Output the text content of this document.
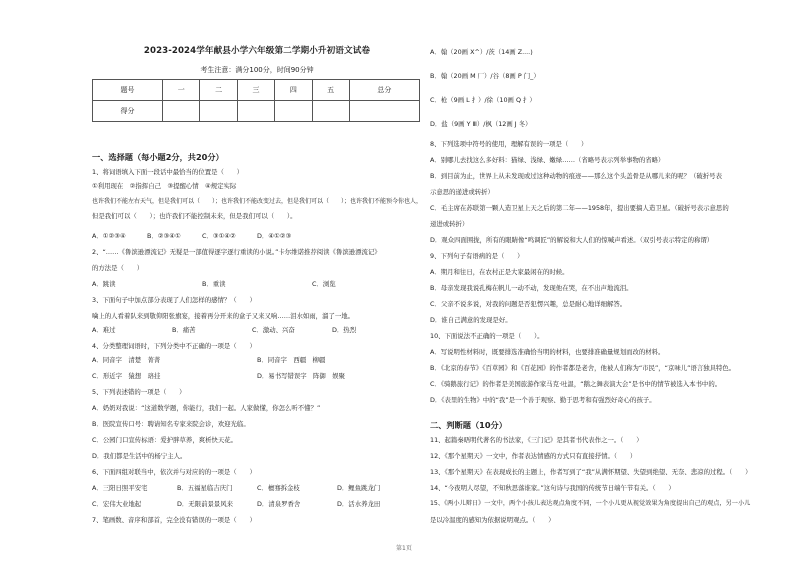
2023-2024学年献县小学六年级第二学期小升初语文试卷
考生注意：满分100分，时间90分钟
题号	一	二	三	四	五	总分
得分						
一、选择题（每小题2分，共20分）
1、将词语填入下面一段话中最恰当的位置是（　　）
①利用现在　②指挥自己　③提醒心情　④规定实际
也许我们不能左右天气，但是我们可以（　　）；也许我们不能改变过去，但是我们可以（　　）；也许我们不能预今你也人，
但是我们可以（　　）；也许我们不能控制未来，但是我们可以（　　）。
2、“……《鲁滨逊漂流记》无疑是一部值得逐字逐行重读的小说。”卡尔维诺推荐阅读《鲁滨逊漂流记》
的方法是（　　）
3、下面句子中加点部分表现了人们怎样的感情？（　　）
噙上的人看着队来到敬仰阳张旗宴，接着再分开来的盒子又来又响……泪水如雨，溜了一地。
4、分类整理词语时，下列分类中不正确的一项是（　　）
5、下列表述错的一项是（　　）
A．奶奶对我说：“这道数学题，你能行，我们一起。人家做懂，你怎么听不懂？”
B．医院宣传口号：聘请知名专家来院会诊，欢迎光临。
C．公园门口宣传标语：爱护胖草养，爽析快天花。
D．我们都是生活中的杨宁主人。
6、下面四组对联当中，依次并与对应的的一项是（　　）
7、笔画数、音序和部首，完全没有错误的一项是（　　）
A．①②③④	B．②③④①	C．③①④②	D．④①②③
A．跳读	B．重读	C．浏览
A．难过	B．痛苦	C．激动、兴奋	D．热烈
A．同音字　清楚　菁菁	B．同音字　西疆　柳疆
C．形近字　猿想　珞挂	D．易书写错误字　阵御　娱聚
A．三阳日照平安宅	B．五福星临吉庆门	C．檀骞拆金枝	D．鲤鱼跳龙门
C．宏伟大业地起	D．无限前景景风来	D．清泉罗香舍	D．活水养龙田
A．翰（20画 X^）/茨（14画 Z....)
B．翰（20画 M 厂）/谷（8画 P 门_）
C．枪（9画 L 扌）/徐（10画 Q 扌）
D．盐（9画 Y Ⅲ）/枫（12画 J 冬）
8、下列选项中符号的使用，理解有误的一项是（　　）
A．别哪儿去找这么多好料：猫绿、浅绿、嫩绿……（省略号表示列举事物的省略）
B．到目前为止，世界上从未发现或过这种动物的痕迹——那么这个头盖骨是从哪儿来的呢？（破折号表
示意思的递进或转折）
C．毛主席在苏联第一颗人造卫星上天之后的第二年——1958年，提出要搞人造卫星。（破折号表示意思的
递进或转折）
D．观众四面围拢，所有的眼睛像“鸣调匠”的解说和大人们的惊喊声看述。（双引号表示特定的称谓）
9、下列句子有语病的是（　　）
A．期月和往日，在农村正是大家最闲在的时候。
B．母亲发现我说孔梅在帆儿一动不动，发现他在哭，在不出声地流泪。
C．父亲不说多说，对我的问题是否犯愣兴趣，总是耐心地详细解答。
D．谁自己满意的发现是好。
10、下面说法不正确的一项是（　　）。
A．写说明性材料时，既要排选准确恰当明的材料，也要排准确量规划而改的材料。
B．《北京的春节》《百草园》和《百花园》的作者都是老舍，他被人们称为“市民”，“京味儿”语言独具特色。
C．《骑鹅旅行记》的作者是美国旅游作家马克·吐温，“鹅之舞表演大会”是书中的情节被选入本书中的。
D．《表里的生物》中的“我”是一个善于观察、勤于思考和有强烈好奇心的孩子。
二、判断题（10分）
11、起篇秦晤明代著名的书法家，《三门记》是其者书代表作之一。（　　）
12、《那个星期天》一文中，作者表达情感的方式只有直接抒情。（　　）
13、《那个星期天》在表现成长的主题上，作者写到了“我”从满怀期望、失望到绝望、无奈、悲凉的过程。（　　）
14、“今夜明人尽望，不知秋思落谁家。”这句诗与我国的传统节日端午节有关。（　　）
15、《两小儿辩日》一文中，两个小孩儿表达观点角度不同，一个小儿更从视觉效果为角度提出自己的观点，另一小儿
是以冷温度的感知为依据说明观点。（　　）
第1页
